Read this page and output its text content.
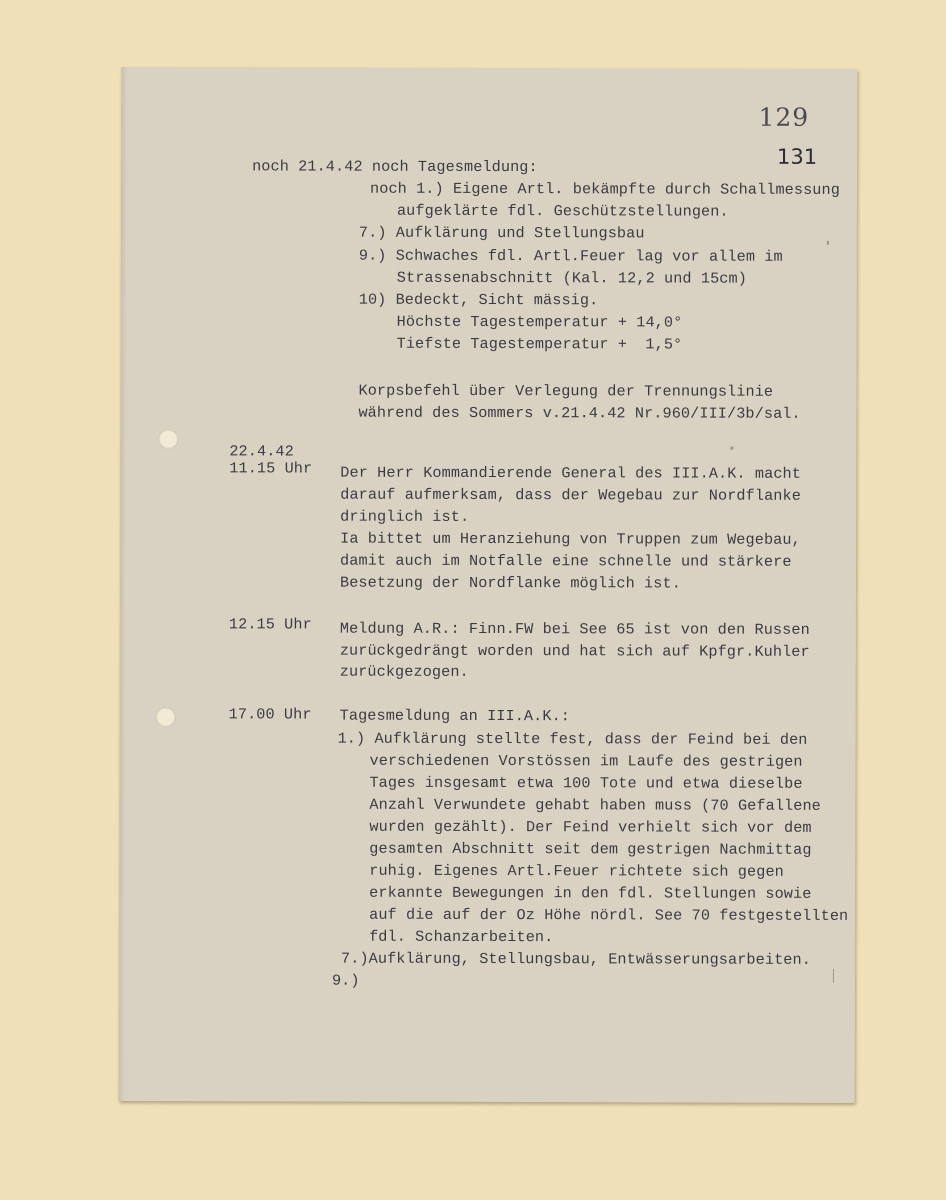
129
131
noch 21.4.42 noch Tagesmeldung:
noch 1.) Eigene Artl. bekämpfte durch Schallmessung
aufgeklärte fdl. Geschützstellungen.
7.) Aufklärung und Stellungsbau
9.) Schwaches fdl. Artl.Feuer lag vor allem im
Strassenabschnitt (Kal. 12,2 und 15cm)
10) Bedeckt, Sicht mässig.
Höchste Tagestemperatur + 14,0°
Tiefste Tagestemperatur +  1,5°
Korpsbefehl über Verlegung der Trennungslinie
während des Sommers v.21.4.42 Nr.960/III/3b/sal.
22.4.42
11.15 Uhr Der Herr Kommandierende General des III.A.K. macht
darauf aufmerksam, dass der Wegebau zur Nordflanke
dringlich ist.
Ia bittet um Heranziehung von Truppen zum Wegebau,
damit auch im Notfalle eine schnelle und stärkere
Besetzung der Nordflanke möglich ist.
12.15 Uhr Meldung A.R.: Finn.FW bei See 65 ist von den Russen
zurückgedrängt worden und hat sich auf Kpfgr.Kuhler
zurückgezogen.
17.00 Uhr Tagesmeldung an III.A.K.:
1.) Aufklärung stellte fest, dass der Feind bei den
verschiedenen Vorstössen im Laufe des gestrigen
Tages insgesamt etwa 100 Tote und etwa dieselbe
Anzahl Verwundete gehabt haben muss (70 Gefallene
wurden gezählt). Der Feind verhielt sich vor dem
gesamten Abschnitt seit dem gestrigen Nachmittag
ruhig. Eigenes Artl.Feuer richtete sich gegen
erkannte Bewegungen in den fdl. Stellungen sowie
auf die auf der Oz Höhe nördl. See 70 festgestellten
fdl. Schanzarbeiten.
7.)Aufklärung, Stellungsbau, Entwässerungsarbeiten.
9.)
